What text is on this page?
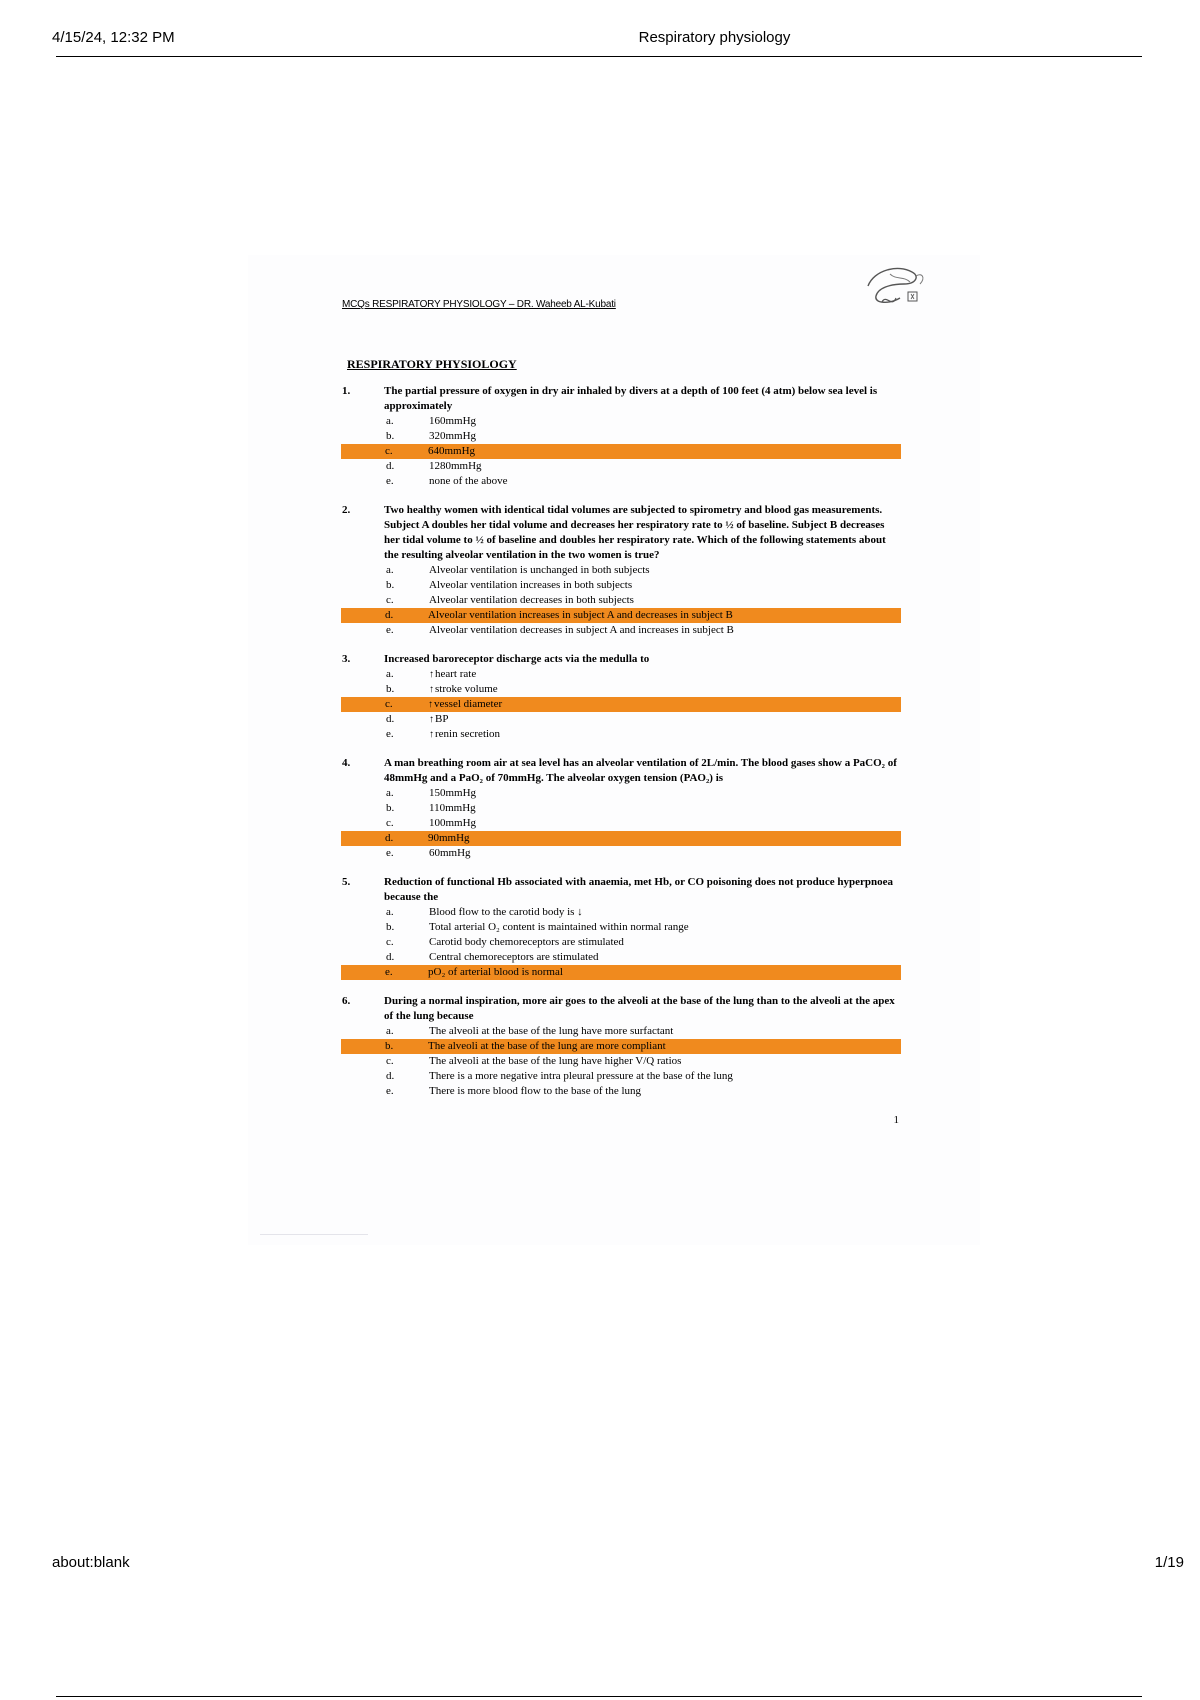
4/15/24, 12:32 PM	Respiratory physiology
MCQs RESPIRATORY PHYSIOLOGY – DR. Waheeb AL-Kubati
RESPIRATORY PHYSIOLOGY
1.	The partial pressure of oxygen in dry air inhaled by divers at a depth of 100 feet (4 atm) below sea level is approximately
a.	160mmHg
b.	320mmHg
c.	640mmHg
d.	1280mmHg
e.	none of the above
2.	Two healthy women with identical tidal volumes are subjected to spirometry and blood gas measurements. Subject A doubles her tidal volume and decreases her respiratory rate to ½ of baseline. Subject B decreases her tidal volume to ½ of baseline and doubles her respiratory rate. Which of the following statements about the resulting alveolar ventilation in the two women is true?
a.	Alveolar ventilation is unchanged in both subjects
b.	Alveolar ventilation increases in both subjects
c.	Alveolar ventilation decreases in both subjects
d.	Alveolar ventilation increases in subject A and decreases in subject B
e.	Alveolar ventilation decreases in subject A and increases in subject B
3.	Increased baroreceptor discharge acts via the medulla to
a.	↑heart rate
b.	↑stroke volume
c.	↑vessel diameter
d.	↑BP
e.	↑renin secretion
4.	A man breathing room air at sea level has an alveolar ventilation of 2L/min. The blood gases show a PaCO₂ of 48mmHg and a PaO₂ of 70mmHg. The alveolar oxygen tension (PAO₂) is
a.	150mmHg
b.	110mmHg
c.	100mmHg
d.	90mmHg
e.	60mmHg
5.	Reduction of functional Hb associated with anaemia, met Hb, or CO poisoning does not produce hyperpnoea because the
a.	Blood flow to the carotid body is ↓
b.	Total arterial O₂ content is maintained within normal range
c.	Carotid body chemoreceptors are stimulated
d.	Central chemoreceptors are stimulated
e.	pO₂ of arterial blood is normal
6.	During a normal inspiration, more air goes to the alveoli at the base of the lung than to the alveoli at the apex of the lung because
a.	The alveoli at the base of the lung have more surfactant
b.	The alveoli at the base of the lung are more compliant
c.	The alveoli at the base of the lung have higher V/Q ratios
d.	There is a more negative intra pleural pressure at the base of the lung
e.	There is more blood flow to the base of the lung
1
about:blank	1/19
